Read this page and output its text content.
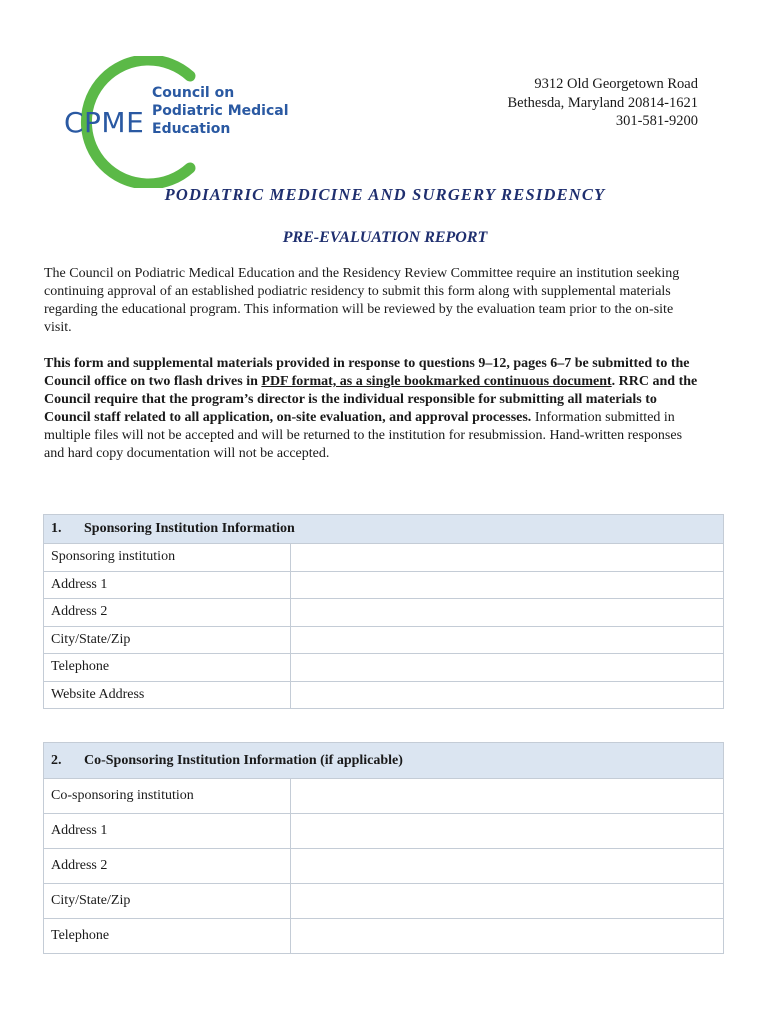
CPME
Council on
Podiatric Medical
Education
9312 Old Georgetown Road
Bethesda, Maryland 20814-1621
301-581-9200
PODIATRIC MEDICINE AND SURGERY RESIDENCY
PRE-EVALUATION REPORT
The Council on Podiatric Medical Education and the Residency Review Committee require an institution seeking continuing approval of an established podiatric residency to submit this form along with supplemental materials regarding the educational program. This information will be reviewed by the evaluation team prior to the on-site visit.
This form and supplemental materials provided in response to questions 9–12, pages 6–7 be submitted to the Council office on two flash drives in PDF format, as a single bookmarked continuous document. RRC and the Council require that the program’s director is the individual responsible for submitting all materials to Council staff related to all application, on-site evaluation, and approval processes. Information submitted in multiple files will not be accepted and will be returned to the institution for resubmission. Hand-written responses and hard copy documentation will not be accepted.
1. Sponsoring Institution Information	
Sponsoring institution	

Address 1	

Address 2	

City/State/Zip	

Telephone	

Website Address	
2. Co-Sponsoring Institution Information (if applicable)	
Co-sponsoring institution	

Address 1	

Address 2	

City/State/Zip	

Telephone	
